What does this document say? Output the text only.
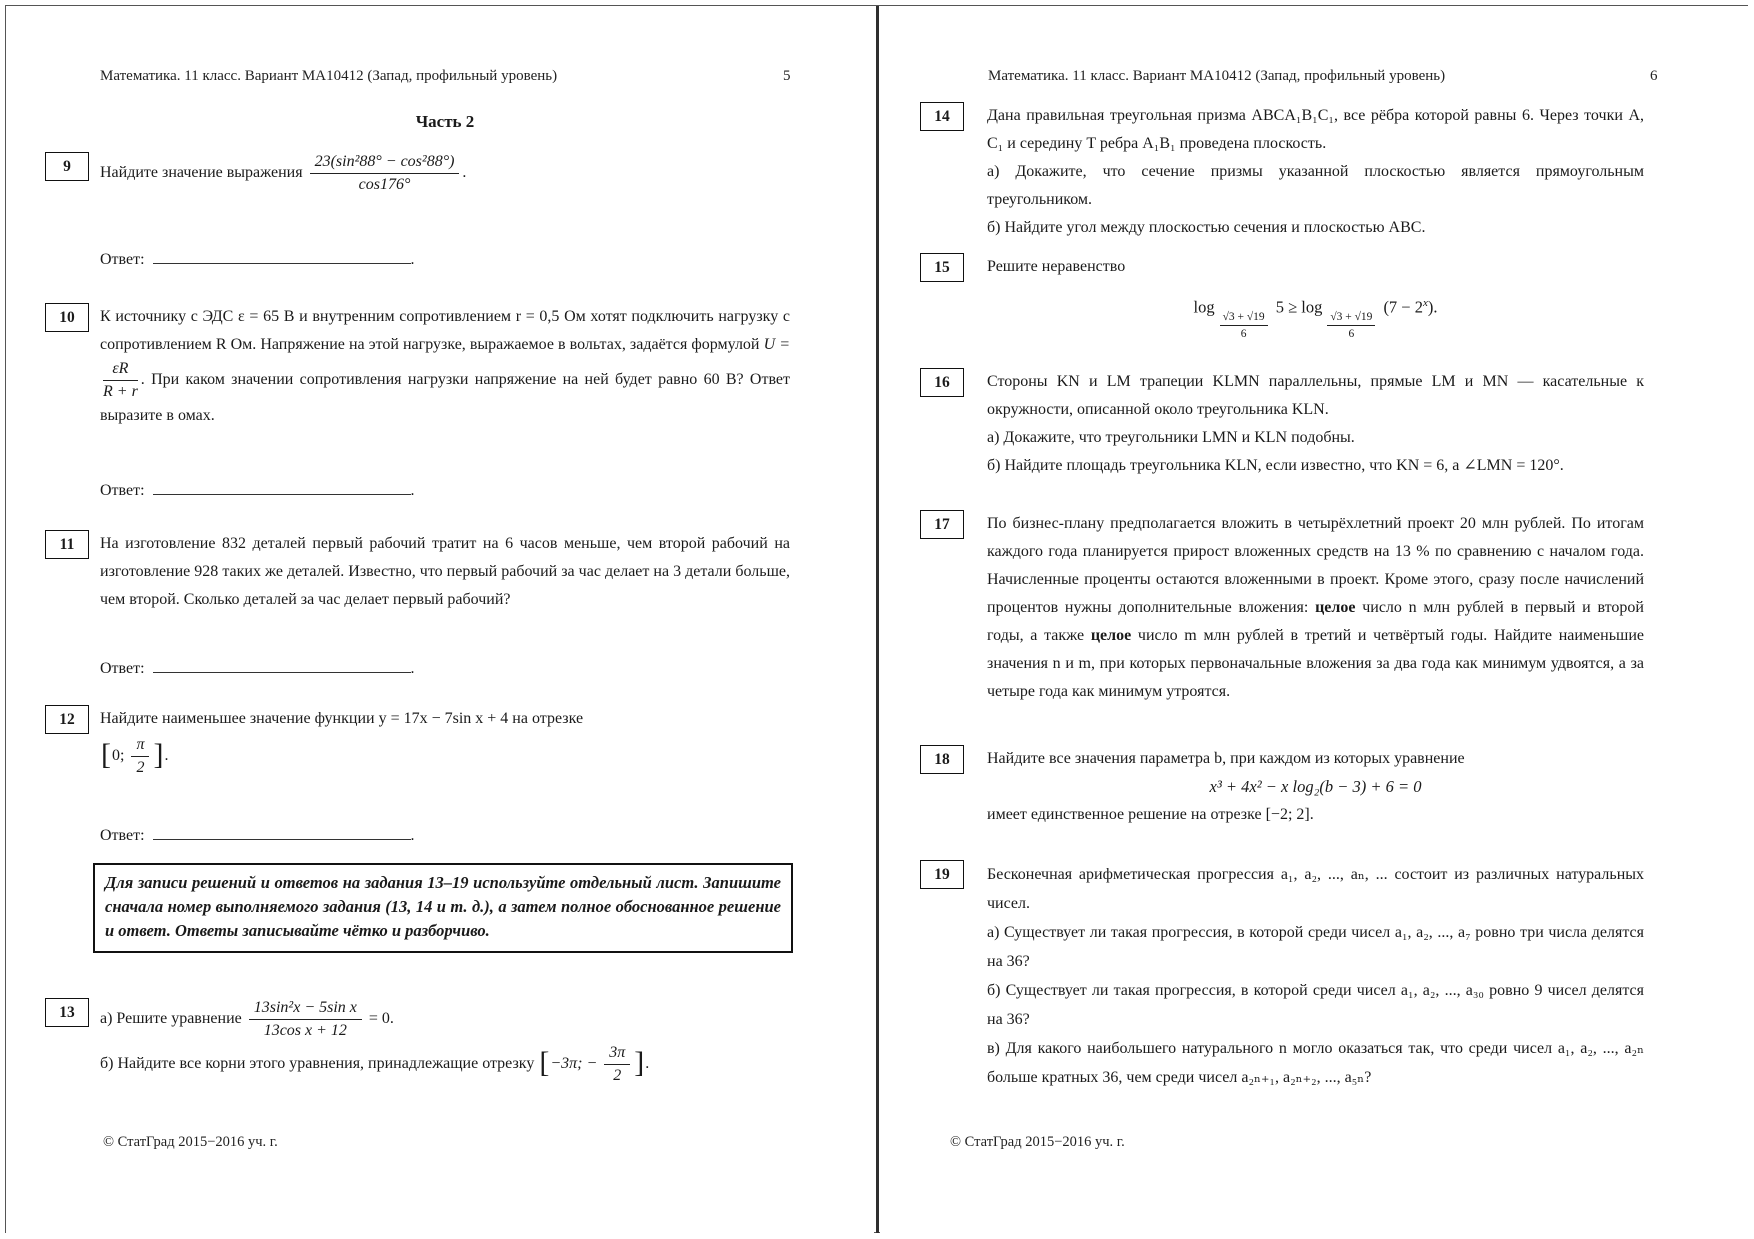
Математика. 11 класс. Вариант МА10412 (Запад, профильный уровень)	5
Часть 2
9	Найдите значение выражения $\frac{\text{23(sin²88° − cos²88°)}}{\cos 176^\circ}$ .
Ответ:	.
10	К источнику с ЭДС ε = 65 В и внутренним сопротивлением r = 0,5 Ом хотят подключить нагрузку с сопротивлением R Ом. Напряжение на этой нагрузке, выражаемое в вольтах, задаётся формулой U =
$\frac{\varepsilon R}{R + r}$ . При каком значении сопротивления нагрузки напряжение на ней будет равно 60 В? Ответ выразите в омах.
Ответ:	.
11	На изготовление 832 деталей первый рабочий тратит на 6 часов меньше, чем второй рабочий на изготовление 928 таких же деталей. Известно, что первый рабочий за час делает на 3 детали больше, чем второй. Сколько деталей за час делает первый рабочий?
Ответ:	.
12	Найдите наименьшее значение функции y = 17x − 7sin x + 4 на отрезке
[0; $\frac{\pi}{2}$ ].
Ответ:	.
Для записи решений и ответов на задания 13–19 используйте отдельный лист. Запишите сначала номер выполняемого задания (13, 14 и т. д.), а затем полное обоснованное решение и ответ. Ответы записывайте чётко и разборчиво.
13	а) Решите уравнение $\frac{\text{13sin²x − 5sin x}}{\text{13cos x + 12}} = 0$.
б) Найдите все корни этого уравнения, принадлежащие отрезку [−3π; − $\frac{3\pi}{2}$ ].
© СтатГрад 2015−2016 уч. г.
Математика. 11 класс. Вариант МА10412 (Запад, профильный уровень)	6
14	Дана правильная треугольная призма ABCA₁B₁C₁, все рёбра которой равны 6. Через точки A, C₁ и середину T ребра A₁B₁ проведена плоскость.
а) Докажите, что сечение призмы указанной плоскостью является прямоугольным треугольником.
б) Найдите угол между плоскостью сечения и плоскостью ABC.
15	Решите неравенство
log
$\frac{√3 + √19}{6}$
5 ≥ log
$\frac{√3 + √19}{6}$
$(7 - 2^x)$.
16	Стороны KN и LM трапеции KLMN параллельны, прямые LM и MN — касательные к окружности, описанной около треугольника KLN.
а) Докажите, что треугольники LMN и KLN подобны.
б) Найдите площадь треугольника KLN, если известно, что KN = 6, а ∠LMN = 120°.
17	По бизнес-плану предполагается вложить в четырёхлетний проект 20 млн рублей. По итогам каждого года планируется прирост вложенных средств на 13 % по сравнению с началом года. Начисленные проценты остаются вложенными в проект. Кроме этого, сразу после начислений процентов нужны дополнительные вложения: целое число n млн рублей в первый и второй годы, а также целое число m млн рублей в третий и четвёртый годы. Найдите наименьшие значения n и m, при которых первоначальные вложения за два года как минимум удвоятся, а за четыре года как минимум утроятся.
18	Найдите все значения параметра b, при каждом из которых уравнение
x³ + 4x² − x log₂(b − 3) + 6 = 0
имеет единственное решение на отрезке [−2; 2].
19	Бесконечная арифметическая прогрессия a₁, a₂, ..., aₙ, ... состоит из различных натуральных чисел.
а) Существует ли такая прогрессия, в которой среди чисел a₁, a₂, ..., a₇ ровно три числа делятся на 36?
б) Существует ли такая прогрессия, в которой среди чисел a₁, a₂, ..., a₃₀ ровно 9 чисел делятся на 36?
в) Для какого наибольшего натурального n могло оказаться так, что среди чисел a₁, a₂, ..., a₂ₙ больше кратных 36, чем среди чисел a₂ₙ₊₁, a₂ₙ₊₂, ..., a₅ₙ?
© СтатГрад 2015−2016 уч. г.
